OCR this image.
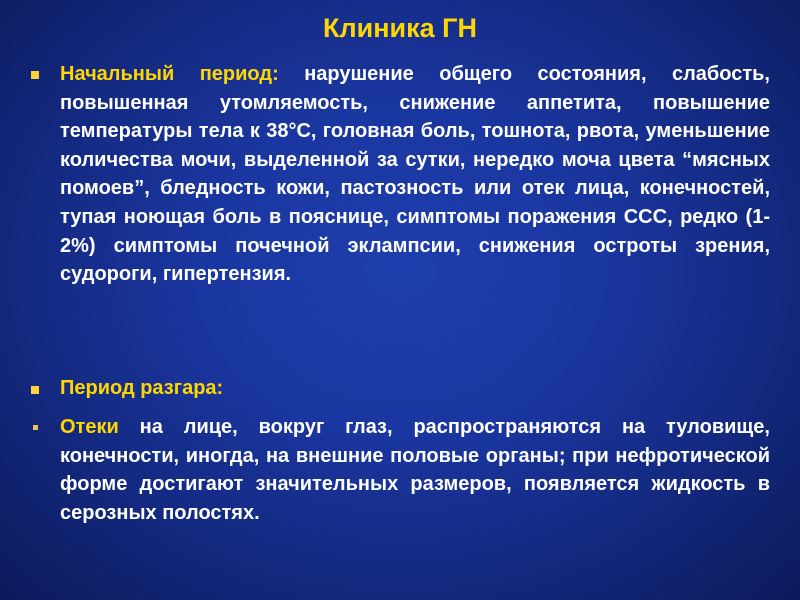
Клиника ГН
Начальный период: нарушение общего состояния, слабость, повышенная утомляемость, снижение аппетита, повышение температуры тела к 38°С, головная боль, тошнота, рвота, уменьшение количества мочи, выделенной за сутки, нередко моча цвета “мясных помоев”, бледность кожи, пастозность или отек лица, конечностей, тупая ноющая боль в пояснице, симптомы поражения ССС, редко (1-2%) симптомы почечной эклампсии, снижения остроты зрения, судороги, гипертензия.
Период разгара:
Отеки на лице, вокруг глаз, распространяются на туловище, конечности, иногда, на внешние половые органы; при нефротической форме достигают значительных размеров, появляется жидкость в серозных полостях.
